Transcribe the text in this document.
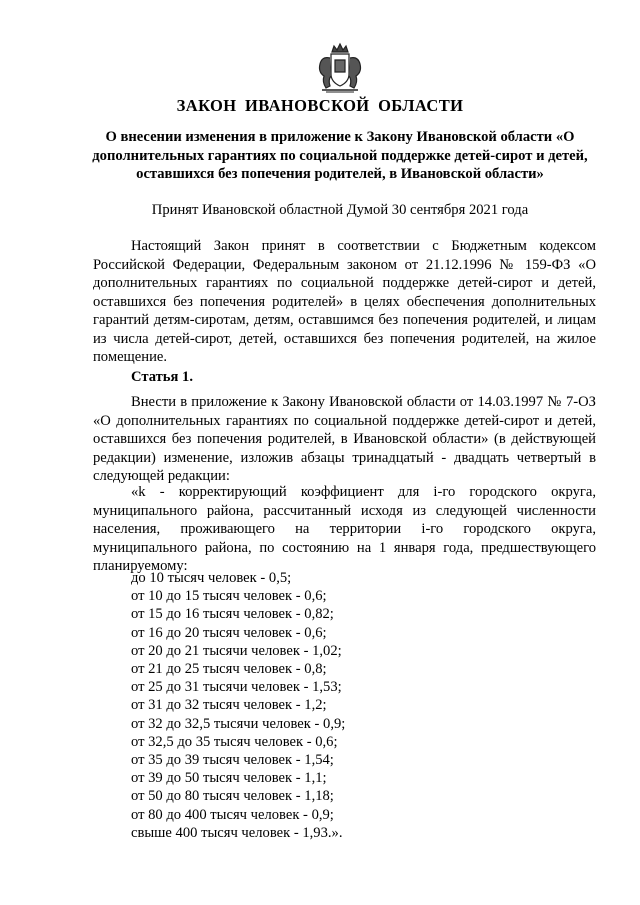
ЗАКОН ИВАНОВСКОЙ ОБЛАСТИ
О внесении изменения в приложение к Закону Ивановской области «О дополнительных гарантиях по социальной поддержке детей-сирот и детей, оставшихся без попечения родителей, в Ивановской области»
Принят Ивановской областной Думой 30 сентября 2021 года

Настоящий Закон принят в соответствии с Бюджетным кодексом Российской Федерации, Федеральным законом от 21.12.1996 № 159-ФЗ «О дополнительных гарантиях по социальной поддержке детей-сирот и детей, оставшихся без попечения родителей» в целях обеспечения дополнительных гарантий детям-сиротам, детям, оставшимся без попечения родителей, и лицам из числа детей-сирот, детей, оставшихся без попечения родителей, на жилое помещение.

Статья 1.

Внести в приложение к Закону Ивановской области от 14.03.1997 № 7-ОЗ «О дополнительных гарантиях по социальной поддержке детей-сирот и детей, оставшихся без попечения родителей, в Ивановской области» (в действующей редакции) изменение, изложив абзацы тринадцатый - двадцать четвертый в следующей редакции:

«k - корректирующий коэффициент для i-го городского округа, муниципального района, рассчитанный исходя из следующей численности населения, проживающего на территории i-го городского округа, муниципального района, по состоянию на 1 января года, предшествующего планируемому:

до 10 тысяч человек - 0,5;
от 10 до 15 тысяч человек - 0,6;
от 15 до 16 тысяч человек - 0,82;
от 16 до 20 тысяч человек - 0,6;
от 20 до 21 тысячи человек - 1,02;
от 21 до 25 тысяч человек - 0,8;
от 25 до 31 тысячи человек - 1,53;
от 31 до 32 тысяч человек - 1,2;
от 32 до 32,5 тысячи человек - 0,9;
от 32,5 до 35 тысяч человек - 0,6;
от 35 до 39 тысяч человек - 1,54;
от 39 до 50 тысяч человек - 1,1;
от 50 до 80 тысяч человек - 1,18;
от 80 до 400 тысяч человек - 0,9;
свыше 400 тысяч человек - 1,93.».
